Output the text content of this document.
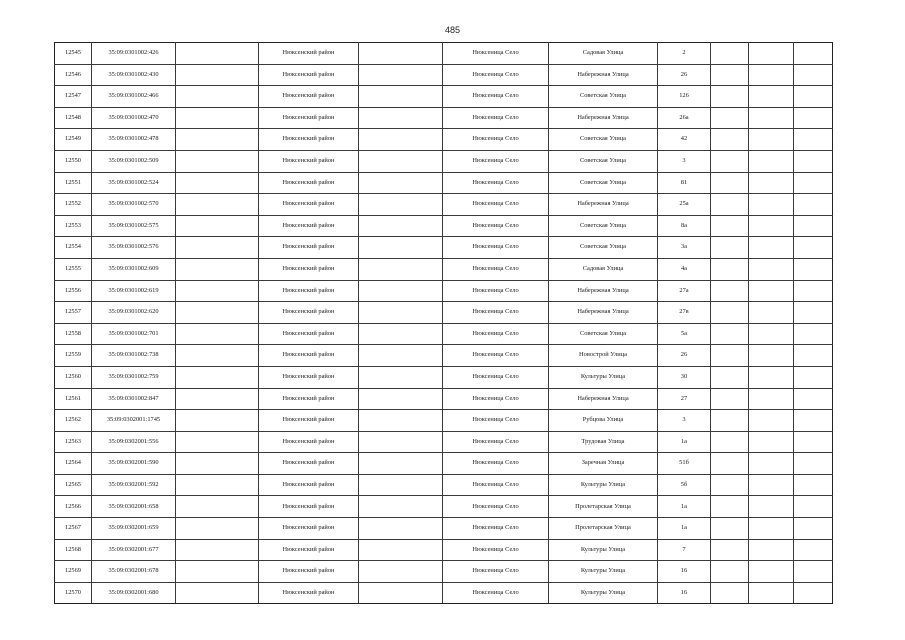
485
12545	35:09:0301002:426		Нюксенский район		Нюксеница Село	Садовая Улица	2			
12546	35:09:0301002:430		Нюксенский район		Нюксеница Село	Набережная Улица	26			
12547	35:09:0301002:466		Нюксенский район		Нюксеница Село	Советская Улица	126			
12548	35:09:0301002:470		Нюксенский район		Нюксеница Село	Набережная Улица	26а			
12549	35:09:0301002:478		Нюксенский район		Нюксеница Село	Советская Улица	42			
12550	35:09:0301002:509		Нюксенский район		Нюксеница Село	Советская Улица	3			
12551	35:09:0301002:524		Нюксенский район		Нюксеница Село	Советская Улица	81			
12552	35:09:0301002:570		Нюксенский район		Нюксеница Село	Набережная Улица	25а			
12553	35:09:0301002:575		Нюксенский район		Нюксеница Село	Советская Улица	8а			
12554	35:09:0301002:576		Нюксенский район		Нюксеница Село	Советская Улица	3а			
12555	35:09:0301002:609		Нюксенский район		Нюксеница Село	Садовая Улица	4а			
12556	35:09:0301002:619		Нюксенский район		Нюксеница Село	Набережная Улица	27а			
12557	35:09:0301002:620		Нюксенский район		Нюксеница Село	Набережная Улица	27в			
12558	35:09:0301002:701		Нюксенский район		Нюксеница Село	Советская Улица	5а			
12559	35:09:0301002:738		Нюксенский район		Нюксеница Село	Новострой Улица	26			
12560	35:09:0301002:759		Нюксенский район		Нюксеница Село	Культуры Улица	30			
12561	35:09:0301002:847		Нюксенский район		Нюксеница Село	Набережная Улица	27			
12562	35:09:0302001:1745		Нюксенский район		Нюксеница Село	Рубцова Улица	3			
12563	35:09:0302001:556		Нюксенский район		Нюксеница Село	Трудовая Улица	1а			
12564	35:09:0302001:590		Нюксенский район		Нюксеница Село	Заречная Улица	51б			
12565	35:09:0302001:592		Нюксенский район		Нюксеница Село	Культуры Улица	5б			
12566	35:09:0302001:658		Нюксенский район		Нюксеница Село	Пролетарская Улица	1а			
12567	35:09:0302001:659		Нюксенский район		Нюксеница Село	Пролетарская Улица	1а			
12568	35:09:0302001:677		Нюксенский район		Нюксеница Село	Культуры Улица	7			
12569	35:09:0302001:678		Нюксенский район		Нюксеница Село	Культуры Улица	16			
12570	35:09:0302001:680		Нюксенский район		Нюксеница Село	Культуры Улица	16			
